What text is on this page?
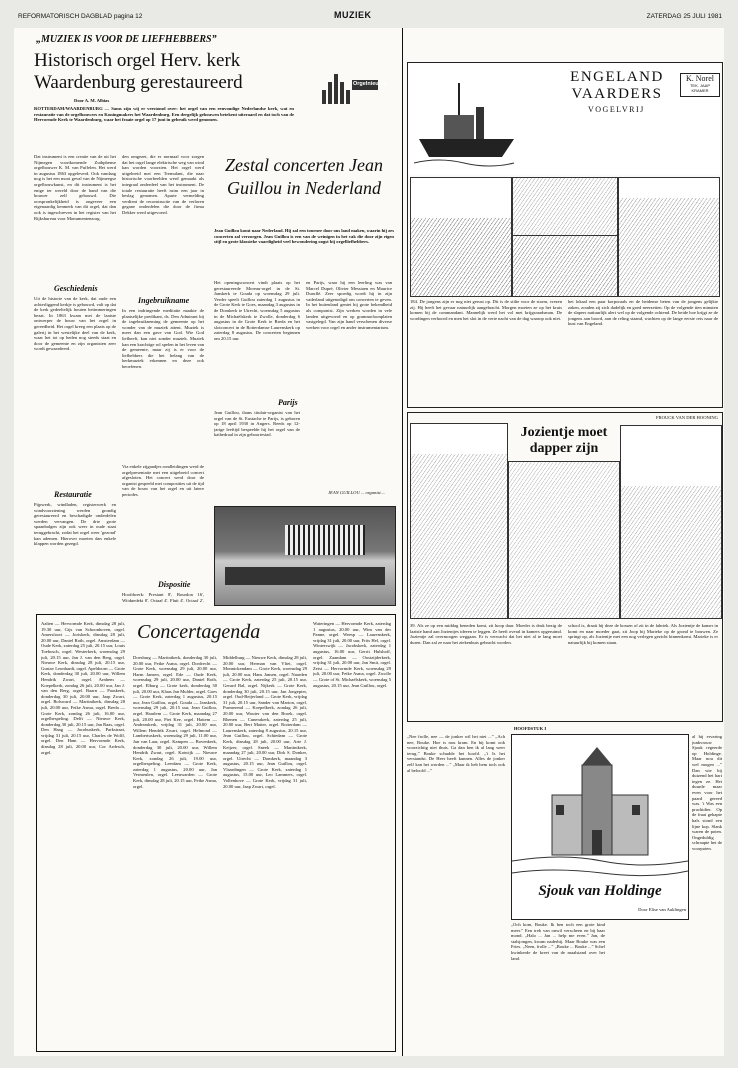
REFORMATORISCH DAGBLAD pagina 12	MUZIEK	ZATERDAG 25 JULI 1981
„MUZIEK IS VOOR DE LIEFHEBBERS”
Historisch orgel Herv. kerk Waardenburg gerestaureerd
Door A. M. Albias
ROTTERDAM/WAARDENBURG — Sams zijn wij er verstomd over: het orgel van een eenvoudige Nederlandse kerk, wat en restauratie van de orgelbouwers en Koningmakers het Waardenburg. Een dergelijk gebouwen betekent uiteraard en dat toch van de Hervormde Kerk te Waardenburg, waar het fraaie orgel op 17 juni in gebruik werd genomen.
Dat instrument is een creatie van de uit het Nijmegen voortkomende Zuthphense orgelbouwer K. M. van Puffelen. Het werd in augustus 1863 opgeleverd. Ook vandaag nog is het een mooi geval van de Nijmeegse orgelbouwkunst, en dit instrument is het enige ter wereld door de hand van die bouwer zelf gebouwd. Die oorspronkelijkheid is ongeveer een eigenaardig kenmerk van dit orgel, dat dan ook is ingeschreven in het register van het Rijksbureau voor Monumentenzorg.
Geschiedenis
Uit de historie van de kerk, dat oude een achterliggend kerkje is gebouwd, valt op dat de kerk gedeeltelijk houten betimmeringen bezat. In 1863 kwam met de laatste ontwerper de bouw van het orgel in gereedheid. Het orgel kreeg een plaats op de galerij in het westelijke deel van de kerk, waar het tot op heden nog steeds staat en door de gemeente en zijn organisten zeer wordt gewaardeerd.
Restauratie
Pijpwerk, windladen, registerwerk en windvoorziening werden grondig gerestaureerd en beschadigde onderdelen werden vervangen. De drie grote spaanbalgen zijn ook weer in oude staat teruggebracht, zodat het orgel weer 'gezond' kan ademen. Hierover moeten dan enkele klappen worden gezegd.
den omgezet, die er normaal voor zorgen dat het orgel lange elektrische weg van wind kan worden voorzien. Het orgel werd uitgebreid met een Tremulant, die naar historische voorbeelden werd gemaakt als integraal onderdeel van het instrument. De totale restauratie heeft ruim een jaar in beslag genomen. Aparte vermelding verdient de reconstructie van de verloren gegane onderdelen die door de firma Dekker werd uitgevoerd.
Ingebruikname
In een indringende meditatie maakte de plaatselijke predikant, ds. Den Admirant bij de ingebruikneming de gemeente op het wonder van de muziek attent. Muziek is meer dan een gave van God. Wie God liefheeft, kan niet zonder muziek. Muziek kan een krachtige rol spelen in het leven van de gemeente, maar zij is er voor de liefhebbers die het belang van de kerkmuziek erkennen en deze ook beoefenen.
Via enkele zijgandjes rondleidingen werd de orgelpresentatie met een uitgebreid concert afgesloten. Het concert werd door de organist gespeeld met composities uit de tijd van de bouw van het orgel en uit latere periodes.
Dispositie
Hoofdwerk: Prestant 8', Bourdon 16', Wijdgedekt 8', Octaaf 4', Fluit 4', Octaaf 2',
Orgelnieuws
Zestal concerten Jean Guillou in Nederland
Jean Guillou komt naar Nederland. Hij zal een tournee door ons land maken, waarin hij zes concerten zal verzorgen. Jean Guillou is een van de weinigen in het vak die door zijn eigen stijl en grote klassieke vaardigheid veel bewondering oogst bij orgelliefhebbers.
Het openingsconcert vindt plaats op het gerestaureerde Moreau-orgel in de St. Janskerk te Gouda op woensdag 29 juli. Verder speelt Guillou zaterdag 1 augustus in de Grote Kerk te Goes, maandag 3 augustus in de Domkerk te Utrecht, woensdag 5 augustus in de Michaëlskerk te Zwolle, donderdag 6 augustus in de Grote Kerk te Breda en het slotconcert in de Rotterdamse Laurenskerk op zaterdag 8 augustus. De concerten beginnen om 20.15 uur.
Parijs
Jean Guillou, thans titulair-organist van het orgel van de St. Eustache te Parijs, is geboren op 18 april 1930 in Angers. Reeds op 12-jarige leeftijd bespeelde hij het orgel van de kathedraal in zijn geboortestad.
en Parijs, waar hij een leerling was van Marcel Dupré, Olivier Messiaen en Maurice Duruflé. Zeer spoedig wordt hij in zijn vaderland uitgenodigd om concerten te geven. In het buitenland geniet hij grote bekendheid als componist. Zijn werken worden in vele landen uitgevoerd en op grammofoonplaten vastgelegd. Van zijn hand verschenen diverse werken voor orgel en ander instrumentarium.
JEAN GUILLOU ... organist....
Concertagenda
Aalten — Hervormde Kerk, dinsdag 28 juli, 19.30 uur, Gijs van Schoonhoven, orgel. Amersfoort — Joriskerk, dinsdag 28 juli, 20.00 uur, Daniel Roth, orgel. Amsterdam — Oude Kerk, zaterdag 25 juli, 20.15 uur, Louis Toebosch, orgel. Westerkerk, woensdag 29 juli, 20.15 uur, Jan J. van den Berg, orgel. Nieuwe Kerk, dinsdag 28 juli, 20.15 uur, Gustav Leonhardt, orgel. Apeldoorn — Grote Kerk, donderdag 30 juli, 20.00 uur, Willem Hendrik Zwart, orgel. Arnhem — Koepelkerk, zondag 26 juli, 20.00 uur, Jan J. van den Berg, orgel. Baarn — Paaskerk, donderdag 30 juli, 20.00 uur, Jaap Zwart, orgel. Bolsward — Martinikerk, dinsdag 28 juli, 20.00 uur, Feike Asma, orgel. Breda — Grote Kerk, zondag 26 juli, 16.00 uur, orgelbespeling. Delft — Nieuwe Kerk, donderdag 30 juli, 20.15 uur, Jan Raas, orgel. Den Haag — Jacobuskerk, Parkstraat, vrijdag 31 juli, 20.15 uur, Charles de Wolff, orgel. Den Ham — Hervormde Kerk, dinsdag 28 juli, 20.00 uur, Cor Ardesch, orgel.
Doesburg — Martinikerk, donderdag 30 juli, 20.00 uur, Feike Asma, orgel. Dordrecht — Grote Kerk, woensdag 29 juli, 20.00 uur, Harm Jansen, orgel. Ede — Oude Kerk, woensdag 29 juli, 20.00 uur, Daniel Roth, orgel. Elburg — Grote kerk, donderdag 30 juli, 20.00 uur, Klaas Jan Mulder, orgel. Goes — Grote Kerk, zaterdag 1 augustus, 20.15 uur, Jean Guillou, orgel. Gouda — Janskerk, woensdag 29 juli, 20.15 uur, Jean Guillou, orgel. Haarlem — Grote Kerk, maandag 27 juli, 20.00 uur, Piet Kee, orgel. Hattem — Andreaskerk, vrijdag 31 juli, 20.00 uur, Willem Hendrik Zwart, orgel. Helmond — Lambertuskerk, woensdag 29 juli, 11.00 uur, Jan van Laar, orgel. Kampen — Bovenkerk, donderdag 30 juli, 20.00 uur, Willem Hendrik Zwart, orgel. Katwijk — Nieuwe Kerk, zondag 26 juli, 19.00 uur, orgelbespeling. Leerdam — Grote Kerk, zaterdag 1 augustus, 20.00 uur, Jan Vermeulen, orgel. Leeuwarden — Grote Kerk, dinsdag 28 juli, 20.15 uur, Feike Asma, orgel.
Middelburg — Nieuwe Kerk, dinsdag 28 juli, 20.00 uur, Herman van Vliet, orgel. Monnickendam — Grote Kerk, woensdag 29 juli, 20.00 uur, Hans Jansen, orgel. Naarden — Grote Kerk, zaterdag 25 juli, 20.15 uur, Gerard Bal, orgel. Nijkerk — Grote Kerk, donderdag 30 juli, 20.15 uur, Jan Jongepier, orgel. Oud-Beijerland — Grote Kerk, vrijdag 31 juli, 20.15 uur, Sander van Marion, orgel. Purmerend — Koepelkerk, zondag 26 juli, 20.00 uur, Wouter van den Broek, orgel. Rhenen — Cunerakerk, zaterdag 25 juli, 20.00 uur, Bert Matter, orgel. Rotterdam — Laurenskerk, zaterdag 8 augustus, 20.15 uur, Jean Guillou, orgel. Schiedam — Grote Kerk, dinsdag 28 juli, 20.00 uur, Arie J. Keijzer, orgel. Sneek — Martinikerk, maandag 27 juli, 20.00 uur, Dirk S. Donker, orgel. Utrecht — Domkerk, maandag 3 augustus, 20.15 uur, Jean Guillou, orgel. Vlaardingen — Grote Kerk, zaterdag 1 augustus, 15.00 uur, Leo Lammers, orgel. Vollenhove — Grote Kerk, vrijdag 31 juli, 20.00 uur, Jaap Zwart, orgel.
Wateringen — Hervormde Kerk, zaterdag 1 augustus, 20.00 uur, Wim van der Panne, orgel. Weesp — Laurenskerk, vrijdag 31 juli, 20.00 uur, Frits Hel, orgel. Winterswijk — Jacobskerk, zaterdag 1 augustus, 16.00 uur, Gerrit Hulshoff, orgel. Zaandam — Oostzijderkerk, vrijdag 31 juli, 20.00 uur, Jan Smit, orgel. Zeist — Hervormde Kerk, woensdag 29 juli, 20.00 uur, Feike Asma, orgel. Zwolle — Grote of St. Michaëlskerk, woensdag 5 augustus, 20.15 uur, Jean Guillou, orgel.
ENGELAND VAARDERS
VOGELVRIJ
K. Norel
TEK. JAAP KRAMER
184. De jongens zijn er nog niet gerust op. Dit is de stilte voor de storm, vrezen zij. Hij heeft het gevaar natuurlijk aangebracht. Morgen moeten ze op het kruis komen bij de commandant. Mannelijk werd het vol met krijgsraadsman. De wordingen verhoord en men het slot in de verte nacht van de dag waarop ook niet.
het lokaal een paar korporaals en de heidense beten van de jongens gelijkte zaken, zouden zij zich dadelijk en goed neerzetten. Op de volgende tien minuten de slapers nattuurlijk alert wel op de volgende ochtend. De heide hoe krijgt ze de jongens aan boord, aan de reling staand, wachten op de lange eerste reis naar de kust van Engeland.
FROUCK VAN DER HOONING
Jozientje moet dapper zijn
39. Als ze op een middag beneden komt, zit hoop daar. Moeder is druk bezig de laatste hand aan Jozientjes ideeen te leggen. Ze heeft overal in kamers opgeruimd. Jozientje zal overmorgen weggaan. Er is verwacht dat het niet al te lang moet duren. Dan zal ze naar het ziekenhuis gebracht worden.
school is, draait hij deze de bossen of zit in de fabriek. Als Jozientje de kamer in komt en naar moeder gaat, zit Joop bij Marieke op de grond te bouwen. Ze springt op, als Jozientje met een nog verlegen gezicht binnenkomt. Marieke is er natuurlijk bij komen staan.
HOOFDSTUK I
„Nee frolle, nee — de jonker wil het niet ...” „Ach nee, Bouke. Hoe is nou kram. En bij komt ook voorzichtig niet thuis. Ga dan ben ik al lang weer terug.” Bouke schudde het hoofd. „'t Is het verstandst. De Heer heeft kunnen. Alles de jonker zelf kan het worden ...” „Maar ik heb hem toch ook al beloofd ...”
Sjouk van Holdinge
Door Elise van Auklingen
„Och kom, Bouke. Ik ben toch een grote kind meer.” Een trek van onwil verscheen en bij haar mond. „Halo ... Jan ... help me even.” Jan, de stalsjongen, kwam naderbij. Maar Bouke was een Fries. „Neen, frolle ...” „Bouke ... Bouke ...” Schel kwinkerde de kreet van de maalstand over het land.
al bij ervaring junkvrouw Sjouk regeerde op Holdinge. Maar nou dit wel mogen ...” Dan wie bij duizend het hart tegen ze. Het duurde maar even voor het paard gereed was. 't Was een prachtdier. Op de fraai gekapte hals stond een lijne kop. Slank waren de poten. Ongeduldig schraapte het de voorpoten.
